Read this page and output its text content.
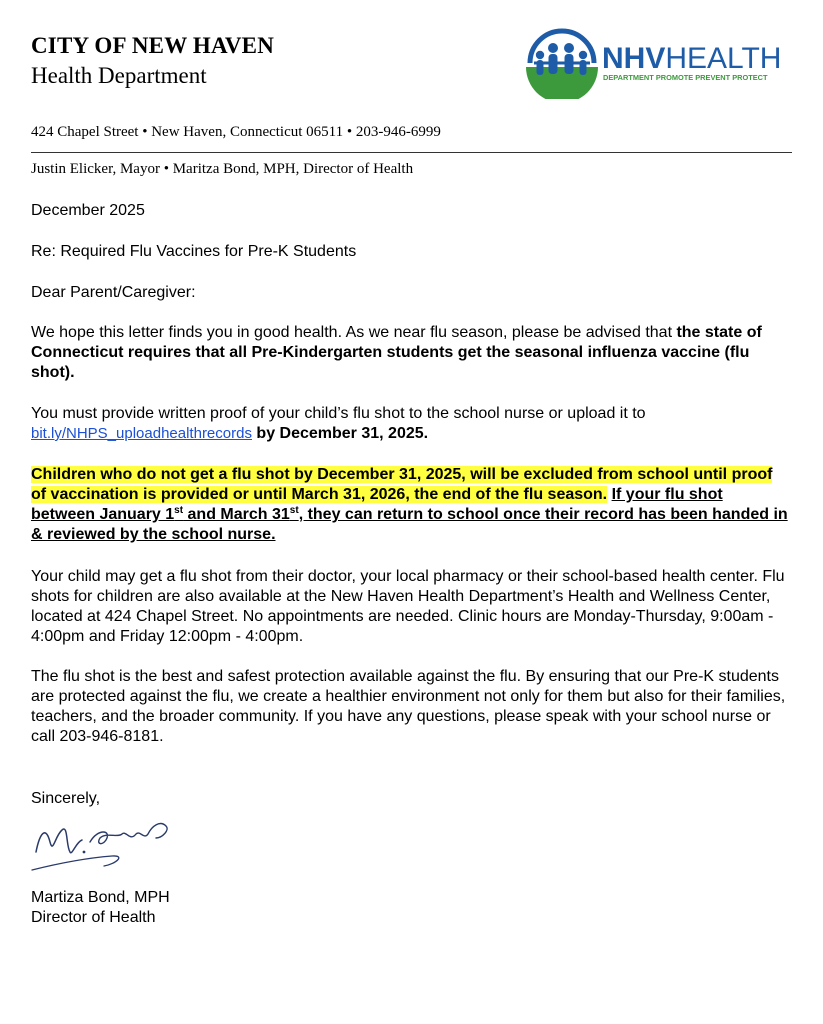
CITY OF NEW HAVEN
Health Department
NHVHEALTH
DEPARTMENT PROMOTE PREVENT PROTECT
424 Chapel Street • New Haven, Connecticut 06511 • 203-946-6999
Justin Elicker, Mayor • Maritza Bond, MPH, Director of Health
December 2025
Re: Required Flu Vaccines for Pre-K Students
Dear Parent/Caregiver:
We hope this letter finds you in good health. As we near flu season, please be advised that the state of Connecticut requires that all Pre-Kindergarten students get the seasonal influenza vaccine (flu shot).
You must provide written proof of your child’s flu shot to the school nurse or upload it to bit.ly/NHPS_uploadhealthrecords by December 31, 2025.
Children who do not get a flu shot by December 31, 2025, will be excluded from school until proof of vaccination is provided or until March 31, 2026, the end of the flu season. If your flu shot between January 1st and March 31st, they can return to school once their record has been handed in & reviewed by the school nurse.
Your child may get a flu shot from their doctor, your local pharmacy or their school-based health center. Flu shots for children are also available at the New Haven Health Department’s Health and Wellness Center, located at 424 Chapel Street. No appointments are needed. Clinic hours are Monday-Thursday, 9:00am - 4:00pm and Friday 12:00pm - 4:00pm.
The flu shot is the best and safest protection available against the flu. By ensuring that our Pre-K students are protected against the flu, we create a healthier environment not only for them but also for their families, teachers, and the broader community. If you have any questions, please speak with your school nurse or call 203-946-8181.
Sincerely,
Martiza Bond, MPH
Director of Health
